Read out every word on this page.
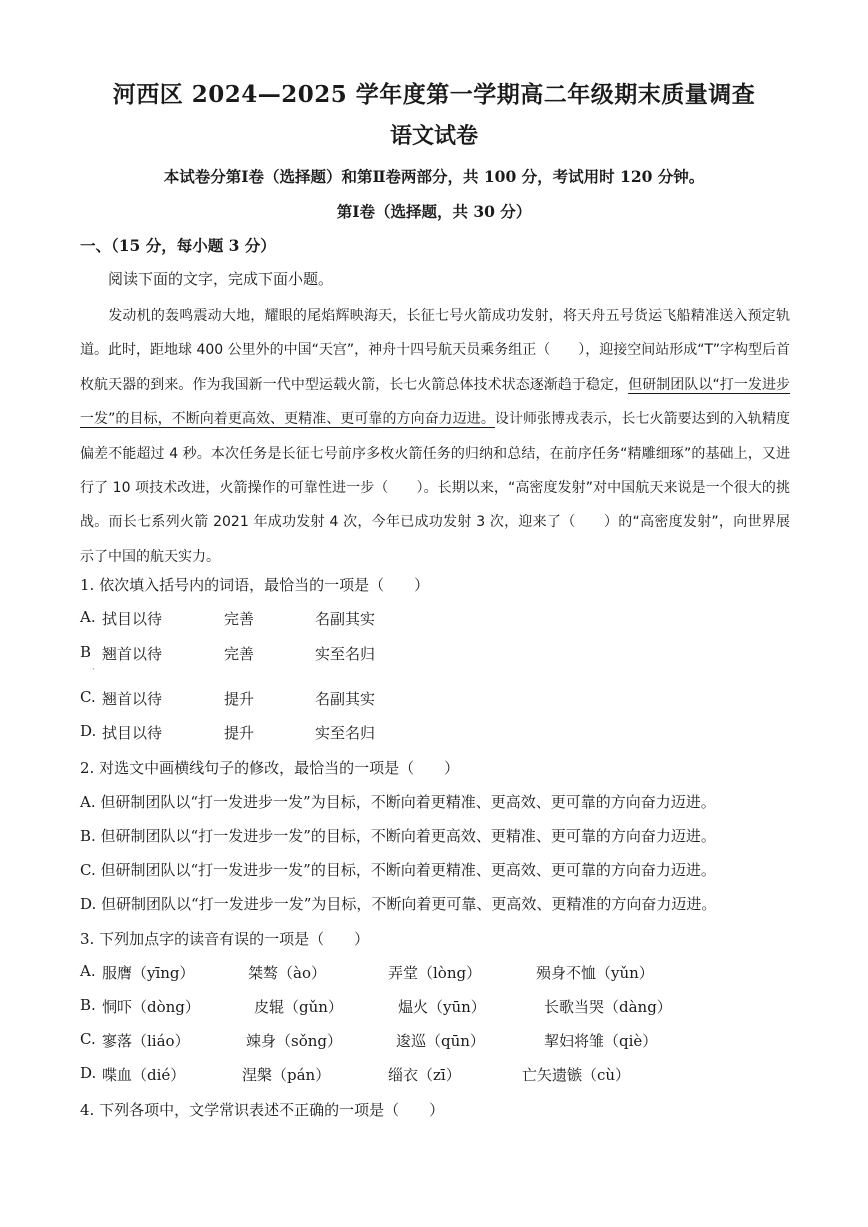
河西区 2024—2025 学年度第一学期高二年级期末质量调查
语文试卷
本试卷分第Ⅰ卷（选择题）和第Ⅱ卷两部分，共 100 分，考试用时 120 分钟。
第Ⅰ卷（选择题，共 30 分）
一、（15 分，每小题 3 分）
阅读下面的文字，完成下面小题。
发动机的轰鸣震动大地，耀眼的尾焰辉映海天，长征七号火箭成功发射，将天舟五号货运飞船精准送入预定轨道。此时，距地球 400 公里外的中国“天宫”，神舟十四号航天员乘务组正（　　），迎接空间站形成“T”字构型后首枚航天器的到来。作为我国新一代中型运载火箭，长七火箭总体技术状态逐渐趋于稳定，但研制团队以“打一发进步一发”的目标，不断向着更高效、更精准、更可靠的方向奋力迈进。设计师张博戎表示，长七火箭要达到的入轨精度偏差不能超过 4 秒。本次任务是长征七号前序多枚火箭任务的归纳和总结，在前序任务“精雕细琢”的基础上，又进行了 10 项技术改进，火箭操作的可靠性进一步（　　）。长期以来，“高密度发射”对中国航天来说是一个很大的挑战。而长七系列火箭 2021 年成功发射 4 次，今年已成功发射 3 次，迎来了（　　）的“高密度发射”，向世界展示了中国的航天实力。
1. 依次填入括号内的词语，最恰当的一项是（　　）
A. 拭目以待	完善	名副其实
B 翘首以待	完善	实至名归
·
C. 翘首以待	提升	名副其实
D. 拭目以待	提升	实至名归
2. 对选文中画横线句子的修改，最恰当的一项是（　　）
A. 但研制团队以“打一发进步一发”为目标，不断向着更精准、更高效、更可靠的方向奋力迈进。
B. 但研制团队以“打一发进步一发”的目标，不断向着更高效、更精准、更可靠的方向奋力迈进。
C. 但研制团队以“打一发进步一发”的目标，不断向着更精准、更高效、更可靠的方向奋力迈进。
D. 但研制团队以“打一发进步一发”为目标，不断向着更可靠、更高效、更精准的方向奋力迈进。
3. 下列加点字的读音有误的一项是（　　）
A. 服膺（yīng）	桀骜（ào）	弄堂（lòng）	殒身不恤（yǔn）
B. 恫吓（dòng）	皮辊（gǔn）	煴火（yūn）	长歌当哭（dàng）
C. 寥落（liáo）	竦身（sǒng）	逡巡（qūn）	挈妇将雏（qiè）
D. 喋血（dié）	涅槃（pán）	缁衣（zī）	亡矢遗镞（cù）
4. 下列各项中，文学常识表述不正确的一项是（　　）
